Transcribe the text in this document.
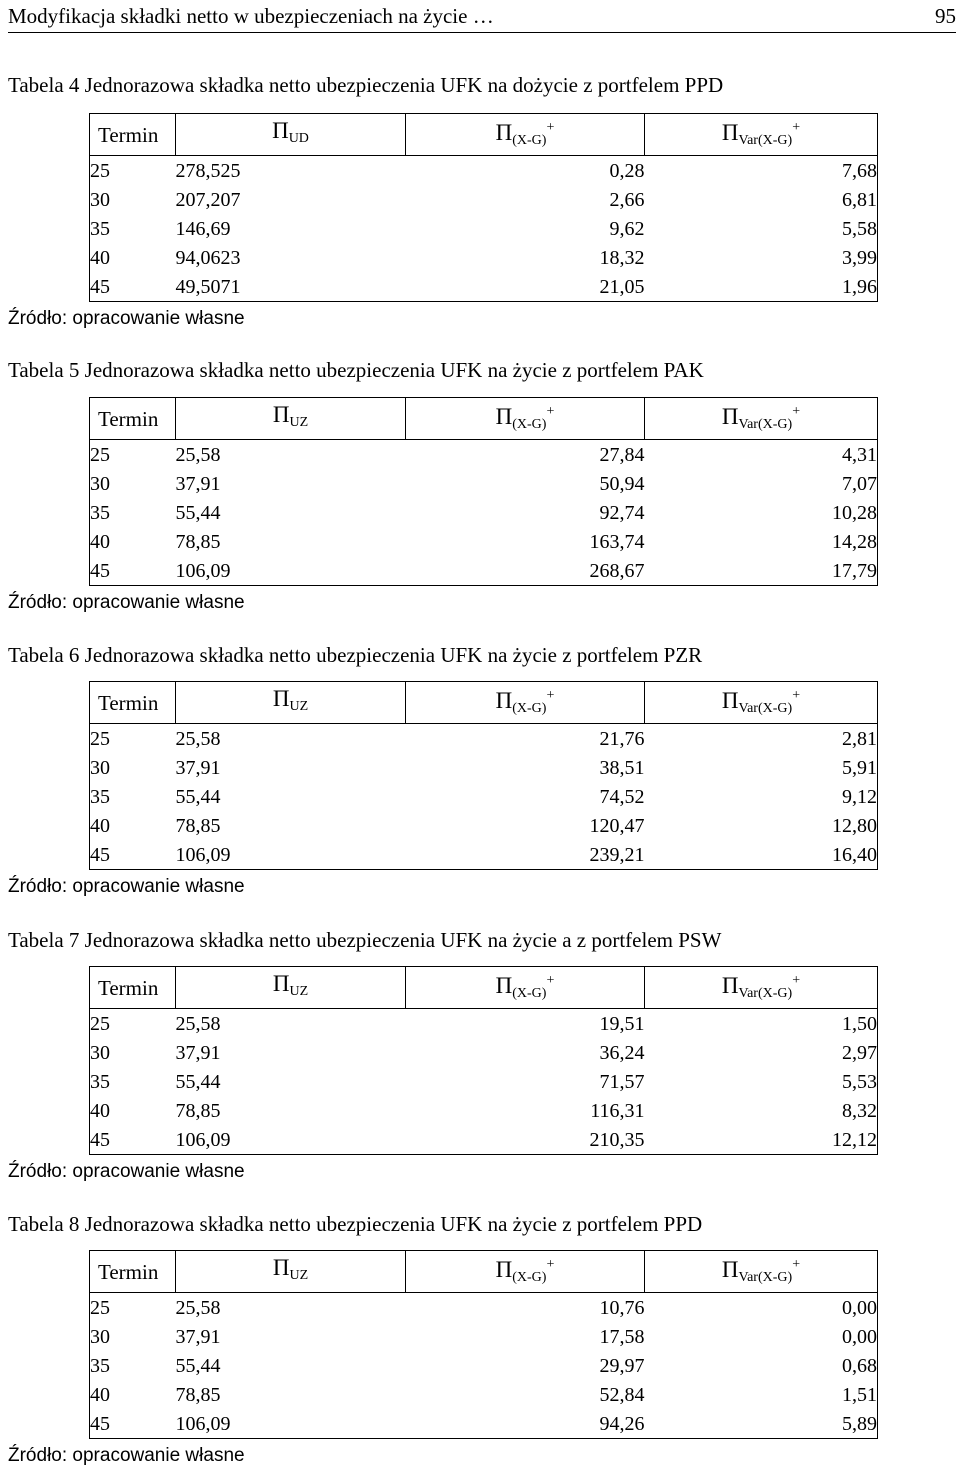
Modyfikacja składki netto w ubezpieczeniach na życie …	95
Tabela 4 Jednorazowa składka netto ubezpieczenia UFK na dożycie z portfelem PPD
Termin	$\Pi_{UD}$	$\Pi_{(X-G)}^+$	$\Pi_{Var(X-G)}^+$
25	278,525	0,28	7,68
30	207,207	2,66	6,81
35	146,69	9,62	5,58
40	94,0623	18,32	3,99
45	49,5071	21,05	1,96
Źródło: opracowanie własne
Tabela 5 Jednorazowa składka netto ubezpieczenia UFK na życie z portfelem PAK
Termin	$\Pi_{UZ}$	$\Pi_{(X-G)}^+$	$\Pi_{Var(X-G)}^+$
25	25,58	27,84	4,31
30	37,91	50,94	7,07
35	55,44	92,74	10,28
40	78,85	163,74	14,28
45	106,09	268,67	17,79
Źródło: opracowanie własne
Tabela 6 Jednorazowa składka netto ubezpieczenia UFK na życie z portfelem PZR
Termin	$\Pi_{UZ}$	$\Pi_{(X-G)}^+$	$\Pi_{Var(X-G)}^+$
25	25,58	21,76	2,81
30	37,91	38,51	5,91
35	55,44	74,52	9,12
40	78,85	120,47	12,80
45	106,09	239,21	16,40
Źródło: opracowanie własne
Tabela 7 Jednorazowa składka netto ubezpieczenia UFK na życie a z portfelem PSW
Termin	$\Pi_{UZ}$	$\Pi_{(X-G)}^+$	$\Pi_{Var(X-G)}^+$
25	25,58	19,51	1,50
30	37,91	36,24	2,97
35	55,44	71,57	5,53
40	78,85	116,31	8,32
45	106,09	210,35	12,12
Źródło: opracowanie własne
Tabela 8 Jednorazowa składka netto ubezpieczenia UFK na życie z portfelem PPD
Termin	$\Pi_{UZ}$	$\Pi_{(X-G)}^+$	$\Pi_{Var(X-G)}^+$
25	25,58	10,76	0,00
30	37,91	17,58	0,00
35	55,44	29,97	0,68
40	78,85	52,84	1,51
45	106,09	94,26	5,89
Źródło: opracowanie własne
